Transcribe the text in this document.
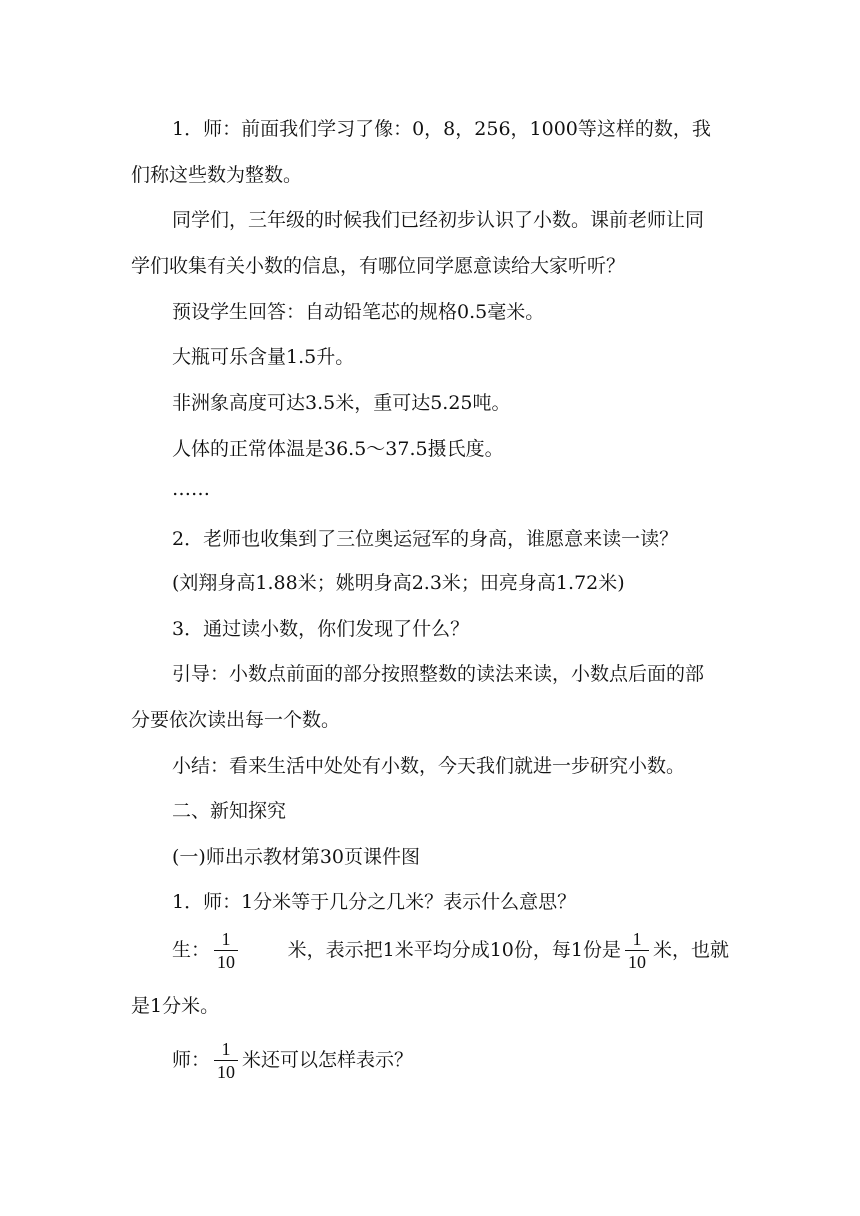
1．师：前面我们学习了像：0，8，256，1000等这样的数，我
们称这些数为整数。
同学们，三年级的时候我们已经初步认识了小数。课前老师让同
学们收集有关小数的信息，有哪位同学愿意读给大家听听？
预设学生回答：自动铅笔芯的规格0.5毫米。
大瓶可乐含量1.5升。
非洲象高度可达3.5米，重可达5.25吨。
人体的正常体温是36.5～37.5摄氏度。
……
2．老师也收集到了三位奥运冠军的身高，谁愿意来读一读？
(刘翔身高1.88米；姚明身高2.3米；田亮身高1.72米)
3．通过读小数，你们发现了什么？
引导：小数点前面的部分按照整数的读法来读，小数点后面的部
分要依次读出每一个数。
小结：看来生活中处处有小数，今天我们就进一步研究小数。
二、新知探究
(一)师出示教材第30页课件图
1．师：1分米等于几分之几米？表示什么意思？
生： $\frac{1}{10}$	米，表示把1米平均分成10份，每1份是 $\frac{1}{10}$ 米，也就
是1分米。
师： $\frac{1}{10}$ 米还可以怎样表示？
